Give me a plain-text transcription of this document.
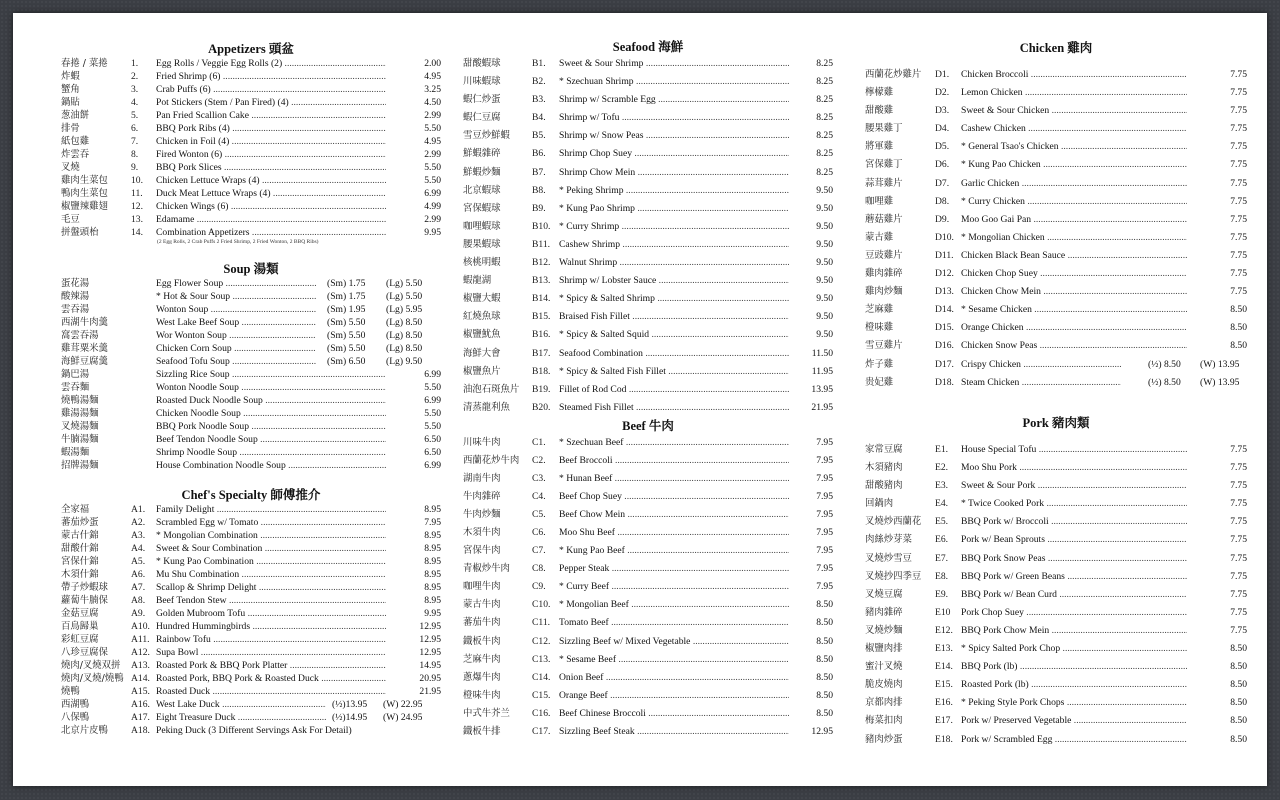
Appetizers 頭盆
春捲 / 菜捲 1. Egg Rolls / Veggie Egg Rolls (2) .....	2.00
炸蝦	2. Fried Shrimp (6) .....	4.95
蟹角	3. Crab Puffs (6) .....	3.25
鍋貼	4. Pot Stickers (Stem / Pan Fired) (4) .....	4.50
葱油餅	5. Pan Fried Scallion Cake .....	2.99
排骨	6. BBQ Pork Ribs (4) .....	5.50
紙包雞	7. Chicken in Foil (4) .....	4.95
炸雲吞	8. Fired Wonton (6) .....	2.99
叉燒	9. BBQ Pork Slices .....	5.50
雞肉生菜包 10. Chicken Lettuce Wraps (4) .....	5.50
鴨肉生菜包 11. Duck Meat Lettuce Wraps (4) .....	6.99
椒鹽辣雞翅 12. Chicken Wings (6) .....	4.99
毛豆	13. Edamame .....	2.99
拼盤頭枱	14. Combination Appetizers .....	9.95
(2 Egg Rolls, 2 Crab Puffs 2 Fried Shrimp, 2 Fried Wonton, 2 BBQ Ribs)
Soup 湯類
蛋花湯	Egg Flower Soup .....	(Sm) 1.75 (Lg) 5.50
酸辣湯	* Hot & Sour Soup .....	(Sm) 1.75 (Lg) 5.50
雲吞湯	Wonton Soup .....	(Sm) 1.95 (Lg) 5.95
西湖牛肉羹	West Lake Beef Soup .....	(Sm) 5.50 (Lg) 8.50
窩雲吞湯	Wor Wonton Soup .....	(Sm) 5.50 (Lg) 8.50
雞茸粟米羹	Chicken Corn Soup .....	(Sm) 5.50 (Lg) 8.50
海鮮豆腐羹	Seafood Tofu Soup .....	(Sm) 6.50 (Lg) 9.50
鍋巴湯	Sizzling Rice Soup .....	6.99
雲吞麵	Wonton Noodle Soup .....	5.50
燒鴨湯麵	Roasted Duck Noodle Soup .....	6.99
雞湯湯麵	Chicken Noodle Soup .....	5.50
叉燒湯麵	BBQ Pork Noodle Soup .....	5.50
牛腩湯麵	Beef Tendon Noodle Soup .....	6.50
蝦湯麵	Shrimp Noodle Soup .....	6.50
招牌湯麵	House Combination Noodle Soup .....	6.99
Chef's Specialty 師傅推介
全家福	A1. Family Delight .....	8.95
蕃茄炒蛋	A2. Scrambled Egg w/ Tomato .....	7.95
蒙古什錦	A3. * Mongolian Combination .....	8.95
甜酸什錦	A4. Sweet & Sour Combination .....	8.95
宮保什錦	A5. * Kung Pao Combination .....	8.95
木須什錦	A6. Mu Shu Combination .....	8.95
帶子炒蝦球 A7. Scallop & Shrimp Delight .....	8.95
蘿蔔牛腩保 A8. Beef Tendon Stew .....	8.95
金菇豆腐	A9. Golden Mubroom Tofu .....	9.95
百鳥歸巢	A10. Hundred Hummingbirds .....	12.95
彩虹豆腐	A11. Rainbow Tofu .....	12.95
八珍豆腐保 A12. Supa Bowl .....	12.95
燒肉/叉燒双拼 A13. Roasted Pork & BBQ Pork Platter .....	14.95
燒肉/叉燒/燒鴨 A14. Roasted Pork, BBQ Pork & Roasted Duck .....	20.95
燒鴨	A15. Roasted Duck .....	21.95
西湖鴨	A16. West Lake Duck .....	(½)13.95 (W) 22.95
八保鴨	A17. Eight Treasure Duck .....	(½)14.95 (W) 24.95
北京片皮鴨 A18. Peking Duck (3 Different Servings Ask For Detail)
Seafood 海鮮
甜酸蝦球	B1. Sweet & Sour Shrimp .....	8.25
川味蝦球	B2. * Szechuan Shrimp .....	8.25
蝦仁炒蛋	B3. Shrimp w/ Scramble Egg .....	8.25
蝦仁豆腐	B4. Shrimp w/ Tofu .....	8.25
雪豆炒鮮蝦 B5. Shrimp w/ Snow Peas .....	8.25
鮮蝦雜碎	B6. Shrimp Chop Suey .....	8.25
鮮蝦炒麵	B7. Shrimp Chow Mein .....	8.25
北京蝦球	B8. * Peking Shrimp .....	9.50
宮保蝦球	B9. * Kung Pao Shrimp .....	9.50
咖哩蝦球	B10. * Curry Shrimp .....	9.50
腰果蝦球	B11. Cashew Shrimp .....	9.50
核桃明蝦	B12. Walnut Shrimp .....	9.50
蝦龍湖	B13. Shrimp w/ Lobster Sauce .....	9.50
椒鹽大蝦	B14. * Spicy & Salted Shrimp .....	9.50
紅燒魚球	B15. Braised Fish Fillet .....	9.50
椒鹽魷魚	B16. * Spicy & Salted Squid .....	9.50
海鮮大會	B17. Seafood Combination .....	11.50
椒鹽魚片	B18. * Spicy & Salted Fish Fillet .....	11.95
油泡石斑魚片 B19. Fillet of Rod Cod .....	13.95
清蒸龍利魚 B20. Steamed Fish Fillet .....	21.95
Beef 牛肉
川味牛肉	C1. * Szechuan Beef .....	7.95
西蘭花炒牛肉 C2. Beef Broccoli .....	7.95
湖南牛肉	C3. * Hunan Beef .....	7.95
牛肉雜碎	C4. Beef Chop Suey .....	7.95
牛肉炒麵	C5. Beef Chow Mein .....	7.95
木須牛肉	C6. Moo Shu Beef .....	7.95
宮保牛肉	C7. * Kung Pao Beef .....	7.95
青椒炒牛肉 C8. Pepper Steak .....	7.95
咖哩牛肉	C9. * Curry Beef .....	7.95
蒙古牛肉	C10. * Mongolian Beef .....	8.50
蕃茄牛肉	C11. Tomato Beef .....	8.50
鐵板牛肉	C12. Sizzling Beef w/ Mixed Vegetable .....	8.50
芝麻牛肉	C13. * Sesame Beef .....	8.50
蔥爆牛肉	C14. Onion Beef .....	8.50
橙味牛肉	C15. Orange Beef .....	8.50
中式牛芥兰 C16. Beef Chinese Broccoli .....	8.50
鐵板牛排	C17. Sizzling Beef Steak .....	12.95
Chicken 雞肉
西蘭花炒雞片 D1. Chicken Broccoli .....	7.75
檸檬雞	D2. Lemon Chicken .....	7.75
甜酸雞	D3. Sweet & Sour Chicken .....	7.75
腰果雞丁	D4. Cashew Chicken .....	7.75
將軍雞	D5. * General Tsao's Chicken .....	7.75
宮保雞丁	D6. * Kung Pao Chicken .....	7.75
蒜茸雞片	D7. Garlic Chicken .....	7.75
咖哩雞	D8. * Curry Chicken .....	7.75
蘑菇雞片	D9. Moo Goo Gai Pan .....	7.75
蒙古雞	D10. * Mongolian Chicken .....	7.75
豆豉雞片	D11. Chicken Black Bean Sauce .....	7.75
雞肉雜碎	D12. Chicken Chop Suey .....	7.75
雞肉炒麵	D13. Chicken Chow Mein .....	7.75
芝麻雞	D14. * Sesame Chicken .....	8.50
橙味雞	D15. Orange Chicken .....	8.50
雪豆雞片	D16. Chicken Snow Peas .....	8.50
炸子雞	D17. Crispy Chicken .....	(½) 8.50 (W) 13.95
贵妃雞	D18. Steam Chicken .....	(½) 8.50 (W) 13.95
Pork 豬肉類
家常豆腐	E1. House Special Tofu .....	7.75
木須豬肉	E2. Moo Shu Pork .....	7.75
甜酸豬肉	E3. Sweet & Sour Pork .....	7.75
回鍋肉	E4. * Twice Cooked Pork .....	7.75
叉燒炒西蘭花 E5. BBQ Pork w/ Broccoli .....	7.75
肉絲炒芽菜 E6. Pork w/ Bean Sprouts .....	7.75
叉燒炒雪豆 E7. BBQ Pork Snow Peas .....	7.75
叉燒抄四季豆 E8. BBQ Pork w/ Green Beans .....	7.75
叉燒豆腐	E9. BBQ Pork w/ Bean Curd .....	7.75
豬肉雜碎	E10 Pork Chop Suey .....	7.75
叉燒炒麵	E12. BBQ Pork Chow Mein .....	7.75
椒鹽肉排	E13. * Spicy Salted Pork Chop .....	8.50
蜜汁叉燒	E14. BBQ Pork (lb) .....	8.50
脆皮燒肉	E15. Roasted Pork (lb) .....	8.50
京都肉排	E16. * Peking Style Pork Chops .....	8.50
梅菜扣肉	E17. Pork w/ Preserved Vegetable .....	8.50
豬肉炒蛋	E18. Pork w/ Scrambled Egg .....	8.50
